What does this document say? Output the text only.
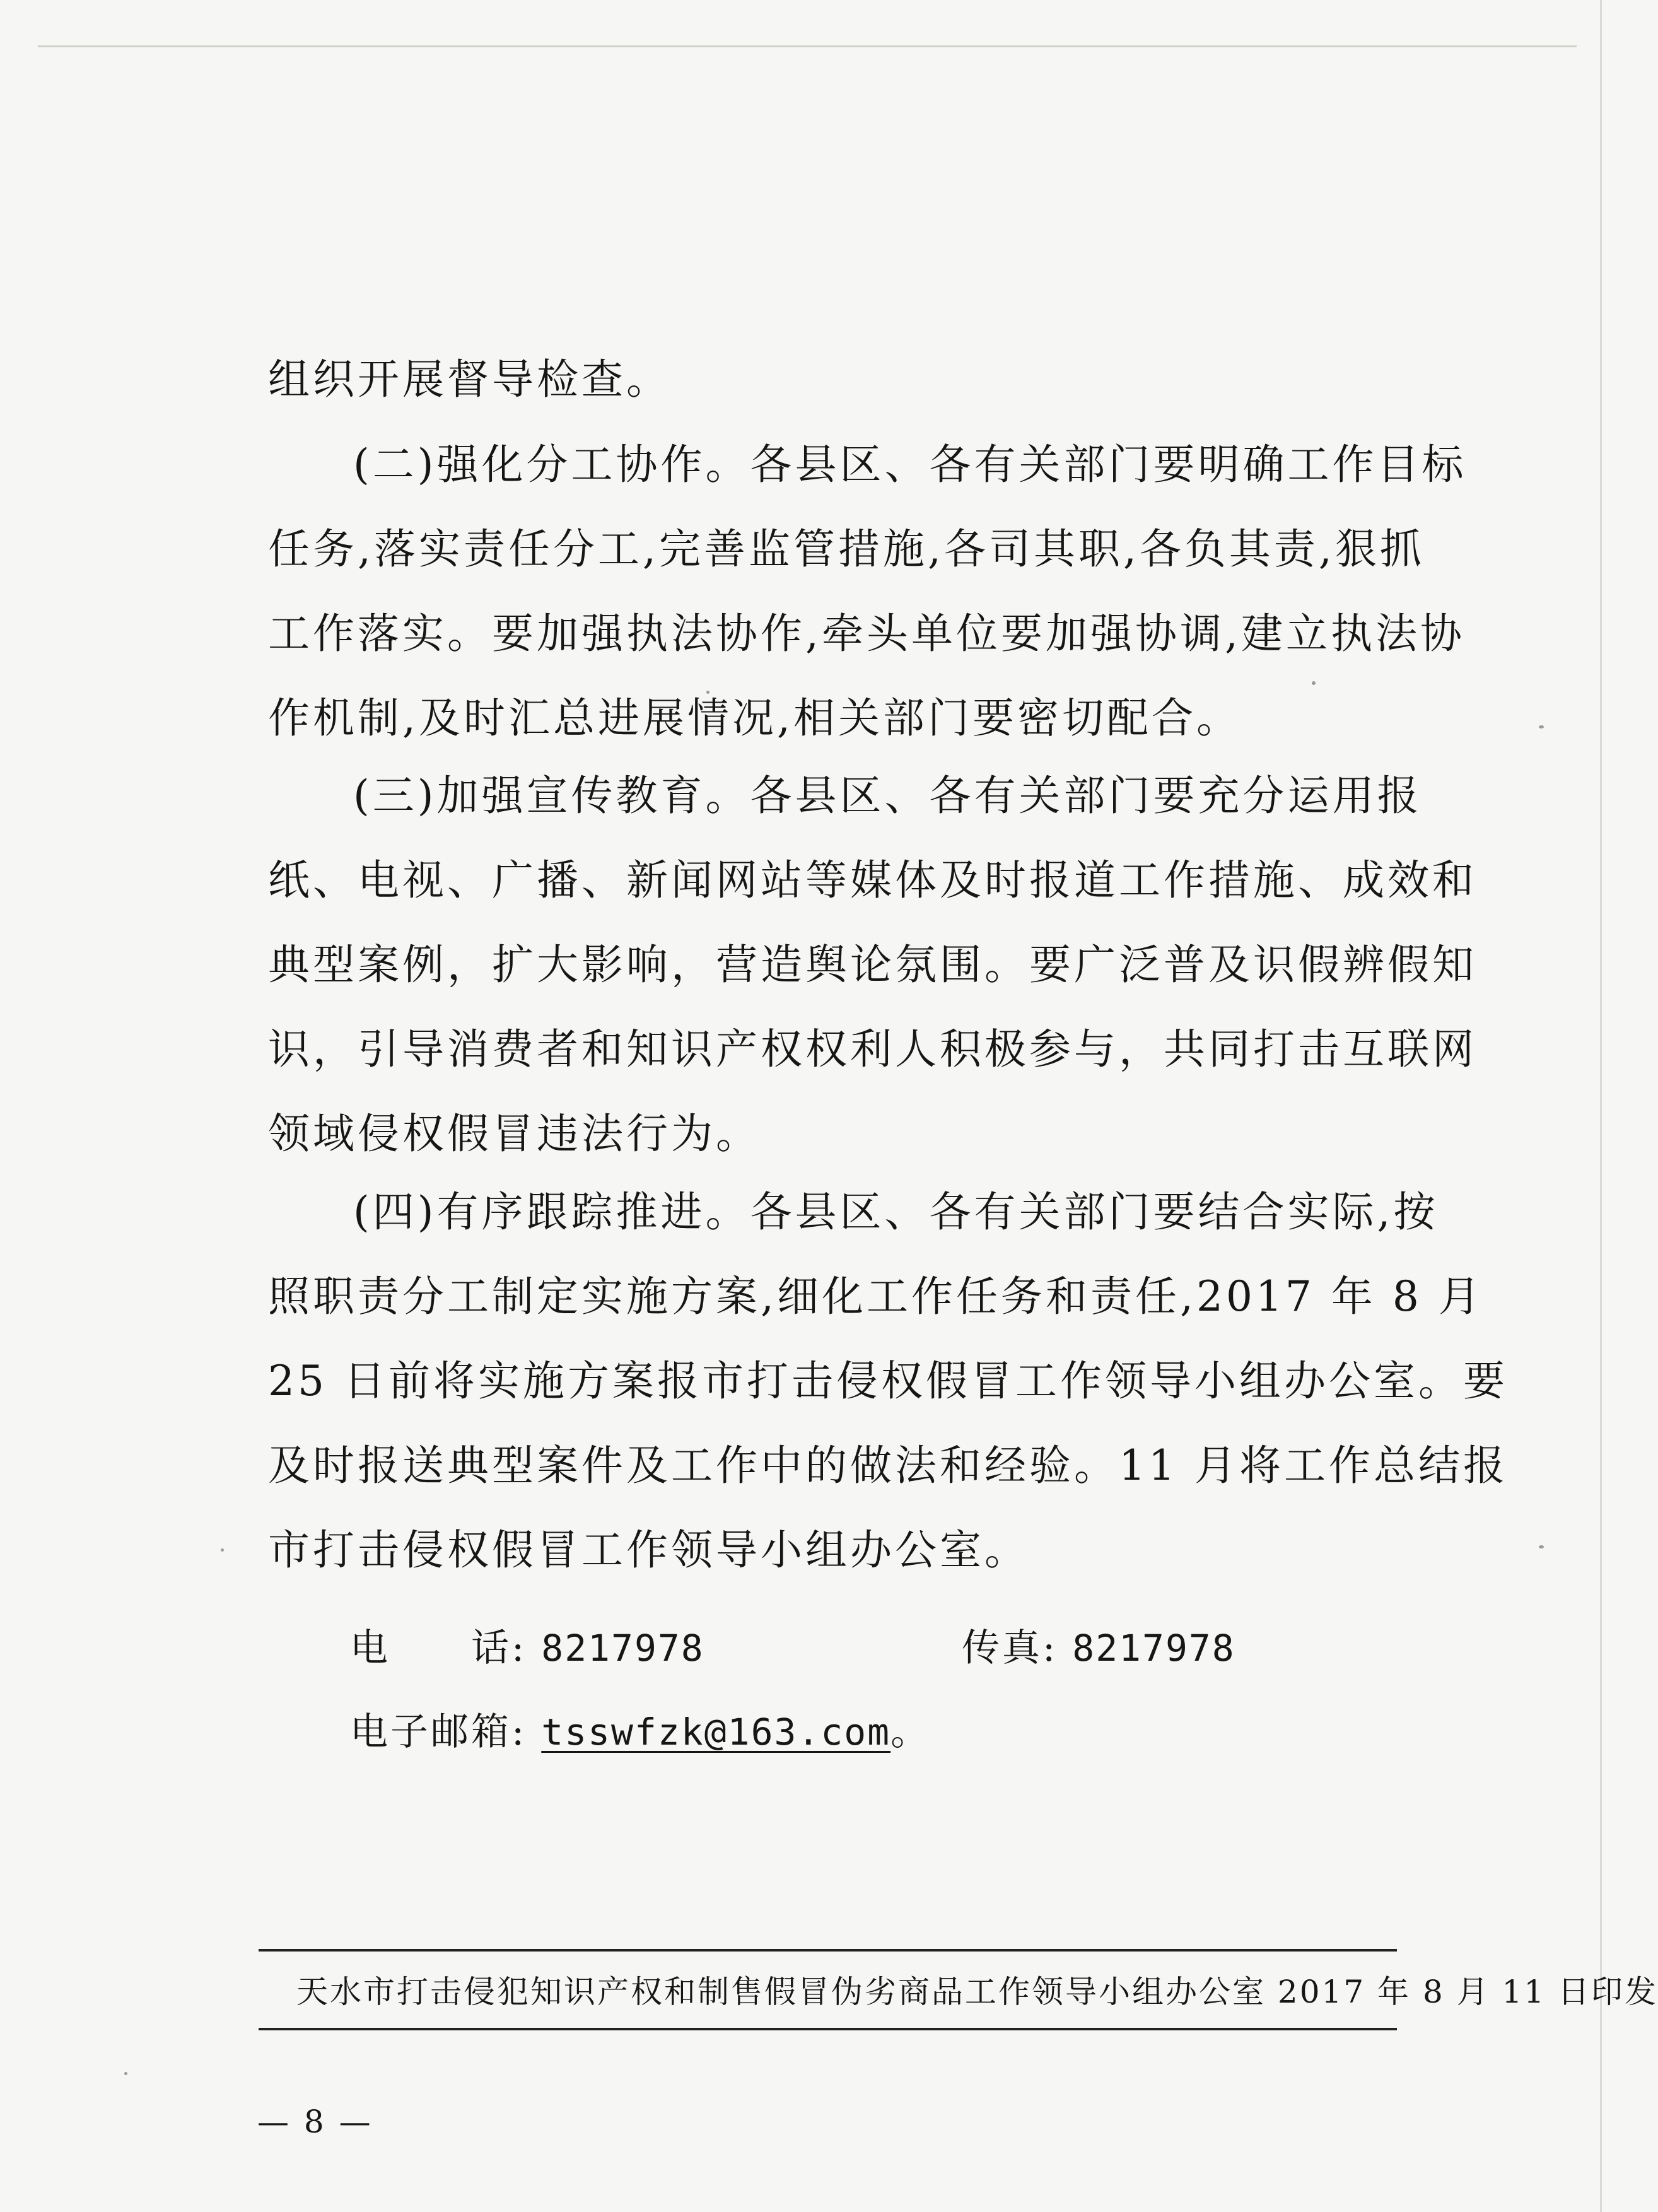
组织开展督导检查。

(二)强化分工协作。各县区、各有关部门要明确工作目标
任务,落实责任分工,完善监管措施,各司其职,各负其责,狠抓
工作落实。要加强执法协作,牵头单位要加强协调,建立执法协
作机制,及时汇总进展情况,相关部门要密切配合。

(三)加强宣传教育。各县区、各有关部门要充分运用报
纸、电视、广播、新闻网站等媒体及时报道工作措施、成效和
典型案例，扩大影响，营造舆论氛围。要广泛普及识假辨假知
识，引导消费者和知识产权权利人积极参与，共同打击互联网
领域侵权假冒违法行为。

(四)有序跟踪推进。各县区、各有关部门要结合实际,按
照职责分工制定实施方案,细化工作任务和责任,2017 年 8 月
25 日前将实施方案报市打击侵权假冒工作领导小组办公室。要
及时报送典型案件及工作中的做法和经验。11 月将工作总结报
市打击侵权假冒工作领导小组办公室。

电　　话: 8217978	传真: 8217978
电子邮箱: tsswfzk@163.com。
天水市打击侵犯知识产权和制售假冒伪劣商品工作领导小组办公室 2017 年 8 月 11 日印发
— 8 —
